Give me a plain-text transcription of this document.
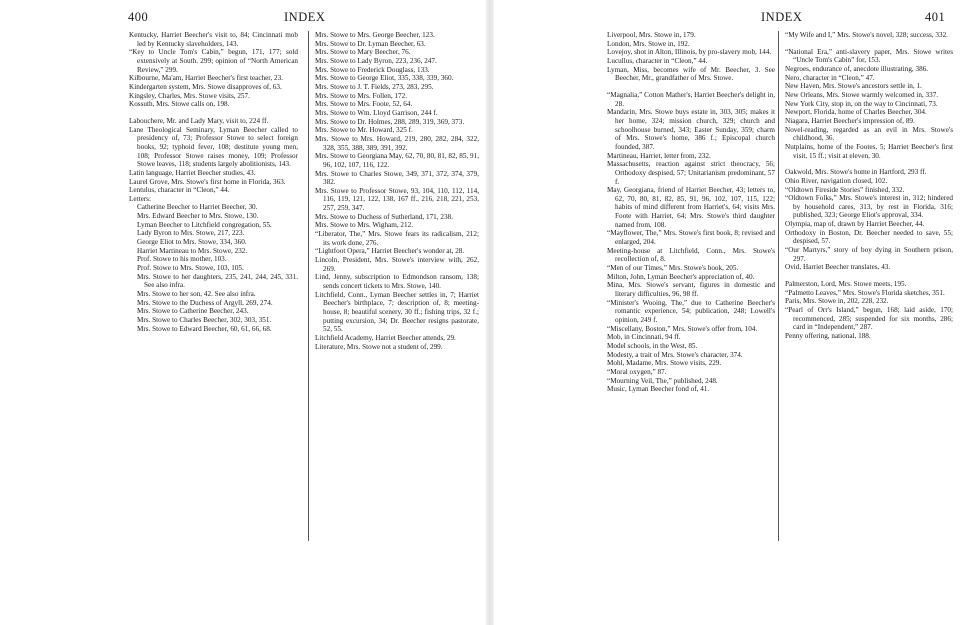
400	INDEX
Kentucky, Harriet Beecher's visit to, 84; Cincinnati mob led by Kentucky slaveholders, 143.
“Key to Uncle Tom's Cabin,” begun, 171, 177; sold extensively at South. 299; opinion of “North American Review,” 299.
Kilbourne, Ma'am, Harriet Beecher's first teacher, 23.
Kindergarten system, Mrs. Stowe disapproves of, 63.
Kingsley, Charles, Mrs. Stowe visits, 257.
Kossuth, Mrs. Stowe calls on, 198.
Labouchere, Mr. and Lady Mary, visit to, 224 ff.
Lane Theological Seminary, Lyman Beecher called to presidency of, 73; Professor Stowe to select foreign books, 92; typhoid fever, 108; destitute young men, 108; Professor Stowe raises money, 109; Professor Stowe leaves, 118; students largely abolitionists, 143.
Latin language, Harriet Beecher studies, 43.
Laurel Grove, Mrs. Stowe's first home in Florida, 363.
Lentulus, character in “Cleon,” 44.
Letters:
Catherine Beecher to Harriet Beecher, 30.
Mrs. Edward Beecher to Mrs. Stowe, 130.
Lyman Beecher to Litchfield congregation, 55.
Lady Byron to Mrs. Stowe, 217, 223.
George Eliot to Mrs. Stowe, 334, 360.
Harriet Martineau to Mrs. Stowe, 232.
Prof. Stowe to his mother, 103.
Prof. Stowe to Mrs. Stowe, 103, 105.
Mrs. Stowe to her daughters, 235, 241, 244, 245, 331. See also infra.
Mrs. Stowe to her son, 42. See also infra.
Mrs. Stowe to the Duchess of Argyll, 269, 274.
Mrs. Stowe to Catherine Beecher, 243.
Mrs. Stowe to Charles Beecher, 302, 303, 351.
Mrs. Stowe to Edward Beecher, 60, 61, 66, 68.
Mrs. Stowe to Mrs. George Beecher, 123.
Mrs. Stowe to Dr. Lyman Beecher, 63.
Mrs. Stowe to Mary Beecher, 76.
Mrs. Stowe to Lady Byron, 223, 236, 247.
Mrs. Stowe to Frederick Douglass, 133.
Mrs. Stowe to George Eliot, 335, 338, 339, 360.
Mrs. Stowe to J. T. Fields, 273, 283, 295.
Mrs. Stowe to Mrs. Follen, 172.
Mrs. Stowe to Mrs. Foote, 52, 64.
Mrs. Stowe to Wm. Lloyd Garrison, 244 f.
Mrs. Stowe to Dr. Holmes, 288, 289, 319, 369, 373.
Mrs. Stowe to Mr. Howard, 325 f.
Mrs. Stowe to Mrs. Howard, 219, 280, 282, 284, 322, 328, 355, 388, 389, 391, 392.
Mrs. Stowe to Georgiana May, 62, 70, 80, 81, 82, 85, 91, 96, 102, 107, 116, 122.
Mrs. Stowe to Charles Stowe, 349, 371, 372, 374, 379, 382.
Mrs. Stowe to Professor Stowe, 93, 104, 110, 112, 114, 116, 119, 121, 122, 138, 167 ff., 216, 218, 221, 253, 257, 259, 347.
Mrs. Stowe to Duchess of Sutherland, 171, 238.
Mrs. Stowe to Mrs. Wigham, 212.
“Liberator, The,” Mrs. Stowe fears its radicalism, 212; its work done, 276.
“Lightfoot Opera,” Harriet Beecher's wonder at, 28.
Lincoln, President, Mrs. Stowe's interview with, 262, 269.
Lind, Jenny, subscription to Edmondson ransom, 138; sends concert tickets to Mrs. Stowe, 140.
Litchfield, Conn., Lyman Beecher settles in, 7; Harriet Beecher's birthplace, 7; description of, 8; meeting-house, 8; beautiful scenery, 30 ff.; fishing trips, 32 f.; putting excursion, 34; Dr. Beecher resigns pastorate, 52, 55.
Litchfield Academy, Harriet Beecher attends, 29.
Literature, Mrs. Stowe not a student of, 299.
INDEX	401
Liverpool, Mrs. Stowe in, 179.
London, Mrs. Stowe in, 192.
Lovejoy, shot in Alton, Illinois, by pro-slavery mob, 144.
Lucullus, character in “Cleon,” 44.
Lyman, Miss, becomes wife of Mr. Beecher, 3. See Beecher, Mr., grandfather of Mrs. Stowe.
“Magnalia,” Cotton Mather's, Harriet Beecher's delight in, 28.
Mandarin, Mrs. Stowe buys estate in, 303, 305; makes it her home, 324; mission church, 329; church and schoolhouse burned, 343; Easter Sunday, 359; charm of Mrs. Stowe's home, 386 f.; Episcopal church founded, 387.
Martineau, Harriet, letter from, 232.
Massachusetts, reaction against strict theocracy, 56; Orthodoxy despised, 57; Unitarianism predominant, 57 f.
May, Georgiana, friend of Harriet Beecher, 43; letters to, 62, 70, 80, 81, 82, 85, 91, 96, 102, 107, 115, 122; habits of mind different from Harriet's, 64; visits Mrs. Foote with Harriet, 64; Mrs. Stowe's third daughter named from, 108.
“Mayflower, The,” Mrs. Stowe's first book, 8; revised and enlarged, 204.
Meeting-house at Litchfield, Conn., Mrs. Stowe's recollection of, 8.
“Men of our Times,” Mrs. Stowe's book, 205.
Milton, John, Lyman Beecher's appreciation of, 40.
Mina, Mrs. Stowe's servant, figures in domestic and literary difficulties, 96, 98 ff.
“Minister's Wooing, The,” due to Catherine Beecher's romantic experience, 54; publication, 248; Lowell's opinion, 249 f.
“Miscellany, Boston,” Mrs. Stowe's offer from, 104.
Mob, in Cincinnati, 94 ff.
Model schools, in the West, 85.
Modesty, a trait of Mrs. Stowe's character, 374.
Mohl, Madame, Mrs. Stowe visits, 229.
“Moral oxygen,” 87.
“Mourning Veil, The,” published, 248.
Music, Lyman Beecher fond of, 41.
“My Wife and I,” Mrs. Stowe's novel, 328; success, 332.
“National Era,” anti-slavery paper, Mrs. Stowe writes “Uncle Tom's Cabin” for, 153.
Negroes, endurance of, anecdote illustrating, 386.
Nero, character in “Cleon,” 47.
New Haven, Mrs. Stowe's ancestors settle in, 1.
New Orleans, Mrs. Stowe warmly welcomed in, 337.
New York City, stop in, on the way to Cincinnati, 73.
Newport, Florida, home of Charles Beecher, 304.
Niagara, Harriet Beecher's impression of, 89.
Novel-reading, regarded as an evil in Mrs. Stowe's childhood, 36.
Nutplains, home of the Footes, 5; Harriet Beecher's first visit, 15 ff.; visit at eleven, 30.
Oakwold, Mrs. Stowe's home in Hartford, 293 ff.
Ohio River, navigation closed, 102.
“Oldtown Fireside Stories” finished, 332.
“Oldtown Folks,” Mrs. Stowe's interest in, 312; hindered by household cares, 313, by rest in Florida, 316; published, 323; George Eliot's approval, 334.
Olympia, map of, drawn by Harriet Beecher, 44.
Orthodoxy in Boston, Dr. Beecher needed to save, 55; despised, 57.
“Our Martyrs,” story of boy dying in Southern prison, 297.
Ovid, Harriet Beecher translates, 43.
Palmerston, Lord, Mrs. Stowe meets, 195.
“Palmetto Leaves,” Mrs. Stowe's Florida sketches, 351.
Paris, Mrs. Stowe in, 202, 228, 232.
“Pearl of Orr's Island,” begun, 168; laid aside, 170; recommenced, 285; suspended for six months, 286; card in “Independent,” 287.
Penny offering, national, 188.
